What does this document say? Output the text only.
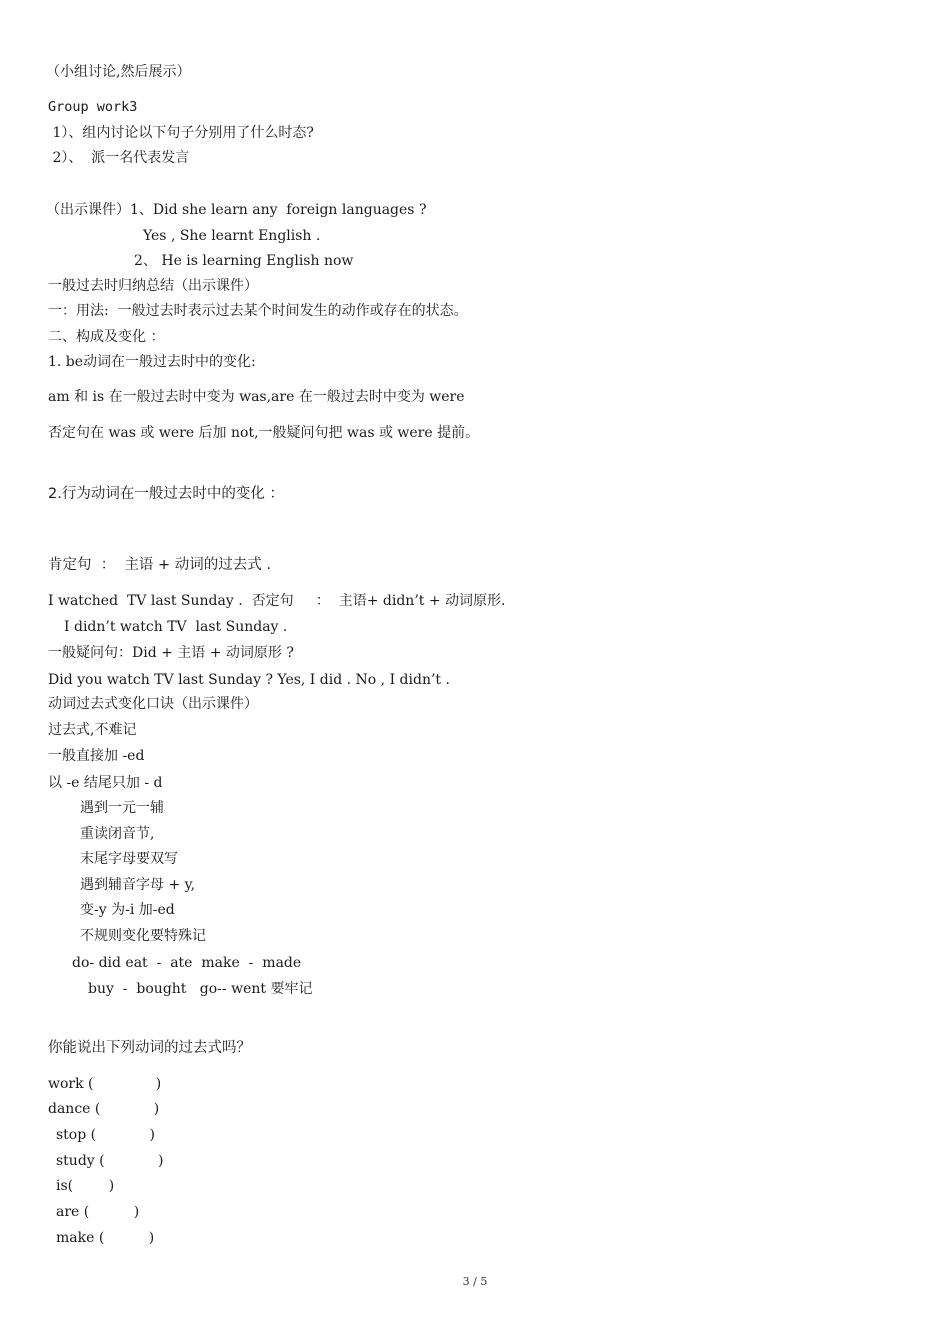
（小组讨论,然后展示）
Group work3
1）、组内讨论以下句子分别用了什么时态?
2）、  派一名代表发言
（出示课件）1、Did she learn any  foreign languages ?
Yes , She learnt English .
2、 He is learning English now
一般过去时归纳总结（出示课件）
一：用法:  一般过去时表示过去某个时间发生的动作或存在的状态。
二、构成及变化 ：
1. be动词在一般过去时中的变化:
am 和 is 在一般过去时中变为 was,are 在一般过去时中变为 were
否定句在 was 或 were 后加 not,一般疑问句把 was 或 were 提前。
2.行为动词在一般过去时中的变化 ：
肯定句  ：  主语 + 动词的过去式 .
I watched  TV last Sunday .  否定句     ：  主语+ didn’t + 动词原形.
I didn’t watch TV  last Sunday .
一般疑问句：Did + 主语 + 动词原形 ?
Did you watch TV last Sunday ? Yes, I did . No , I didn’t .
动词过去式变化口诀（出示课件）
过去式,不难记
一般直接加 -ed
以 -e 结尾只加 - d
遇到一元一辅
重读闭音节,
末尾字母要双写
遇到辅音字母 + y,
变-y 为-i 加-ed
不规则变化要特殊记
do- did eat  -  ate  make  -  made
buy  -  bought   go-- went 要牢记
你能说出下列动词的过去式吗？
work (              )
dance (            )
stop (            )
study (            )
is(        )
are (          )
make (          )
3 / 5
